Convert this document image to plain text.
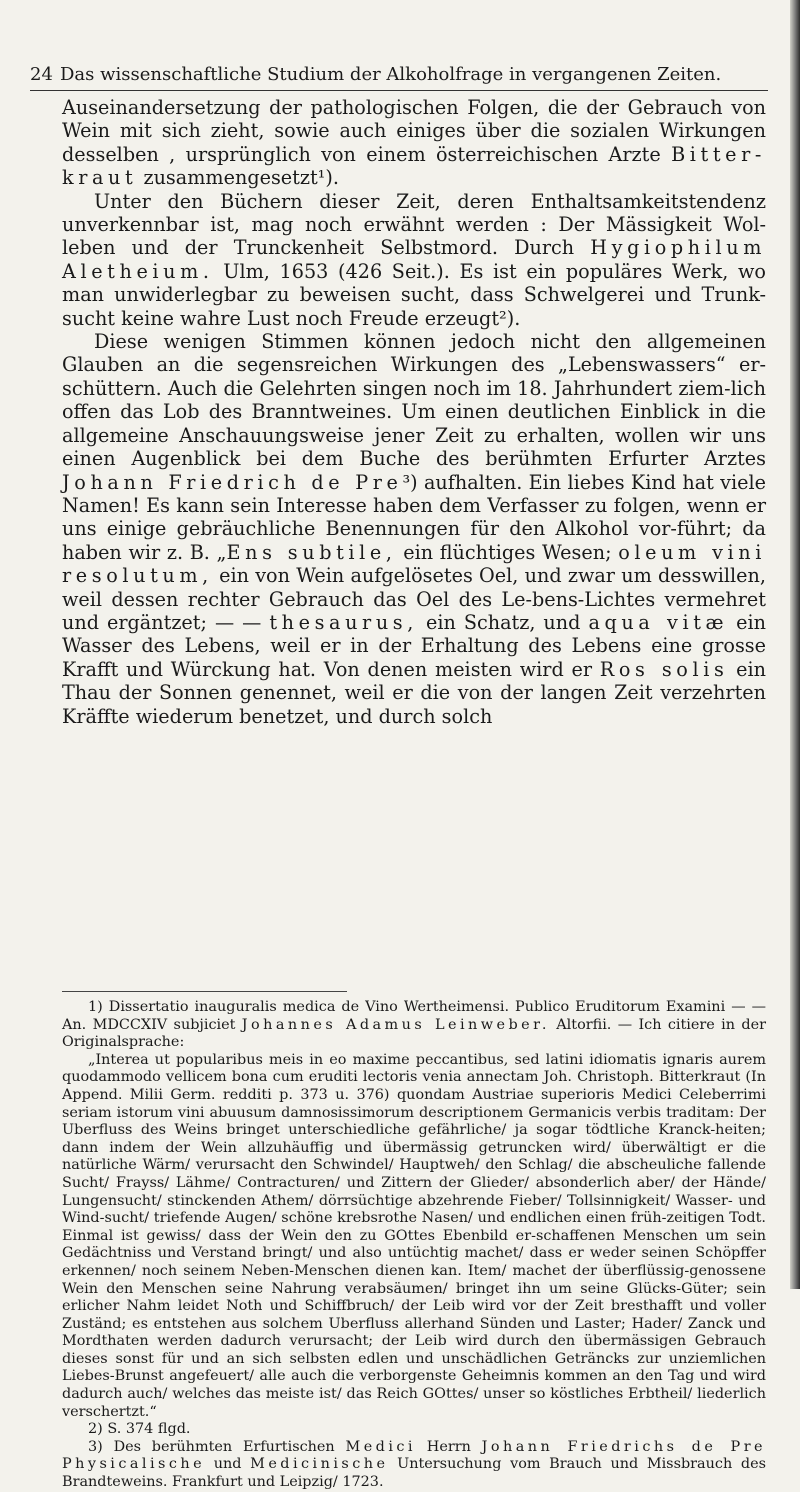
24 Das wissenschaftliche Studium der Alkoholfrage in vergangenen Zeiten.

Auseinandersetzung der pathologischen Folgen, die der Gebrauch von Wein mit sich zieht, sowie auch einiges über die sozialen Wirkungen desselben , ursprünglich von einem österreichischen Arzte Bitter-kraut zusammengesetzt¹).

Unter den Büchern dieser Zeit, deren Enthaltsamkeitstendenz unverkennbar ist, mag noch erwähnt werden : Der Mässigkeit Wol-leben und der Trunckenheit Selbstmord. Durch Hygiophilum Aletheium. Ulm, 1653 (426 Seit.). Es ist ein populäres Werk, wo man unwiderlegbar zu beweisen sucht, dass Schwelgerei und Trunk-sucht keine wahre Lust noch Freude erzeugt²).

Diese wenigen Stimmen können jedoch nicht den allgemeinen Glauben an die segensreichen Wirkungen des „Lebenswassers“ er-schüttern. Auch die Gelehrten singen noch im 18. Jahrhundert ziem-lich offen das Lob des Branntweines. Um einen deutlichen Einblick in die allgemeine Anschauungsweise jener Zeit zu erhalten, wollen wir uns einen Augenblick bei dem Buche des berühmten Erfurter Arztes Johann Friedrich de Pre³) aufhalten. Ein liebes Kind hat viele Namen! Es kann sein Interesse haben dem Verfasser zu folgen, wenn er uns einige gebräuchliche Benennungen für den Alkohol vor-führt; da haben wir z. B. „Ens subtile, ein flüchtiges Wesen; oleum vini resolutum, ein von Wein aufgelösetes Oel, und zwar um desswillen, weil dessen rechter Gebrauch das Oel des Le-bens-Lichtes vermehret und ergäntzet; — — thesaurus, ein Schatz, und aqua vitæ ein Wasser des Lebens, weil er in der Erhaltung des Lebens eine grosse Krafft und Würckung hat. Von denen meisten wird er Ros solis ein Thau der Sonnen genennet, weil er die von der langen Zeit verzehrten Kräffte wiederum benetzet, und durch solch

1) Dissertatio inauguralis medica de Vino Wertheimensi. Publico Eruditorum Examini — — An. MDCCXIV subjiciet Johannes Adamus Leinweber. Altorfii. — Ich citiere in der Originalsprache:

„Interea ut popularibus meis in eo maxime peccantibus, sed latini idiomatis ignaris aurem quodammodo vellicem bona cum eruditi lectoris venia annectam Joh. Christoph. Bitterkraut (In Append. Milii Germ. redditi p. 373 u. 376) quondam Austriae superioris Medici Celeberrimi seriam istorum vini abuusum damnosissimorum descriptionem Germanicis verbis traditam: Der Uberfluss des Weins bringet unterschiedliche gefährliche/ ja sogar tödtliche Kranck-heiten; dann indem der Wein allzuhäuffig und übermässig getruncken wird/ überwältigt er die natürliche Wärm/ verursacht den Schwindel/ Hauptweh/ den Schlag/ die abscheuliche fallende Sucht/ Frayss/ Lähme/ Contracturen/ und Zittern der Glieder/ absonderlich aber/ der Hände/ Lungensucht/ stinckenden Athem/ dörrsüchtige abzehrende Fieber/ Tollsinnigkeit/ Wasser- und Wind-sucht/ triefende Augen/ schöne krebsrothe Nasen/ und endlichen einen früh-zeitigen Todt. Einmal ist gewiss/ dass der Wein den zu GOttes Ebenbild er-schaffenen Menschen um sein Gedächtniss und Verstand bringt/ und also untüchtig machet/ dass er weder seinen Schöpffer erkennen/ noch seinem Neben-Menschen dienen kan. Item/ machet der überflüssig-genossene Wein den Menschen seine Nahrung verabsäumen/ bringet ihn um seine Glücks-Güter; sein erlicher Nahm leidet Noth und Schiffbruch/ der Leib wird vor der Zeit bresthafft und voller Zuständ; es entstehen aus solchem Uberfluss allerhand Sünden und Laster; Hader/ Zanck und Mordthaten werden dadurch verursacht; der Leib wird durch den übermässigen Gebrauch dieses sonst für und an sich selbsten edlen und unschädlichen Geträncks zur unziemlichen Liebes-Brunst angefeuert/ alle auch die verborgenste Geheimnis kommen an den Tag und wird dadurch auch/ welches das meiste ist/ das Reich GOttes/ unser so köstliches Erbtheil/ liederlich verschertzt.“

2) S. 374 flgd.

3) Des berühmten Erfurtischen Medici Herrn Johann Friedrichs de Pre Physicalische und Medicinische Untersuchung vom Brauch und Missbrauch des Brandteweins. Frankfurt und Leipzig/ 1723.
